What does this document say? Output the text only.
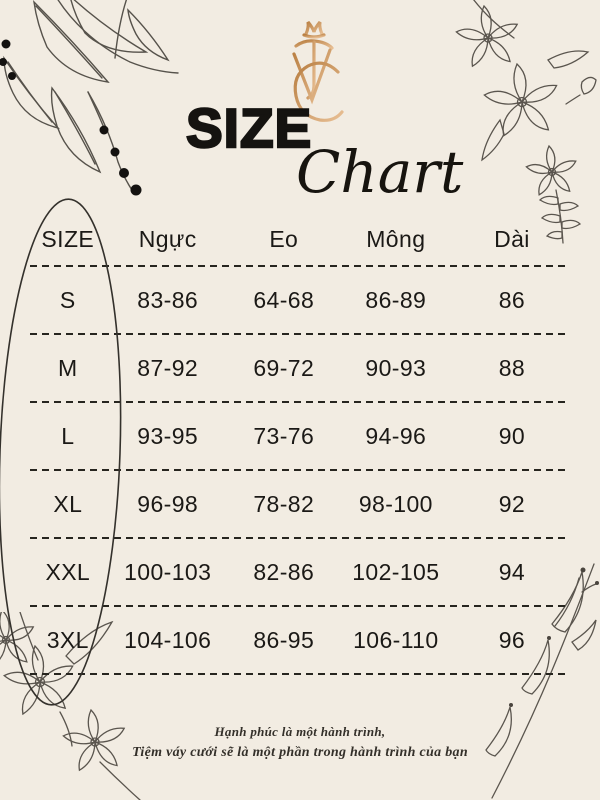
SIZE
Chart
SIZE	Ngực	Eo	Mông	Dài
S	83-86	64-68	86-89	86
M	87-92	69-72	90-93	88
L	93-95	73-76	94-96	90
XL	96-98	78-82	98-100	92
XXL	100-103	82-86	102-105	94
3XL	104-106	86-95	106-110	96
Hạnh phúc là một hành trình,
Tiệm váy cưới sẽ là một phần trong hành trình của bạn
